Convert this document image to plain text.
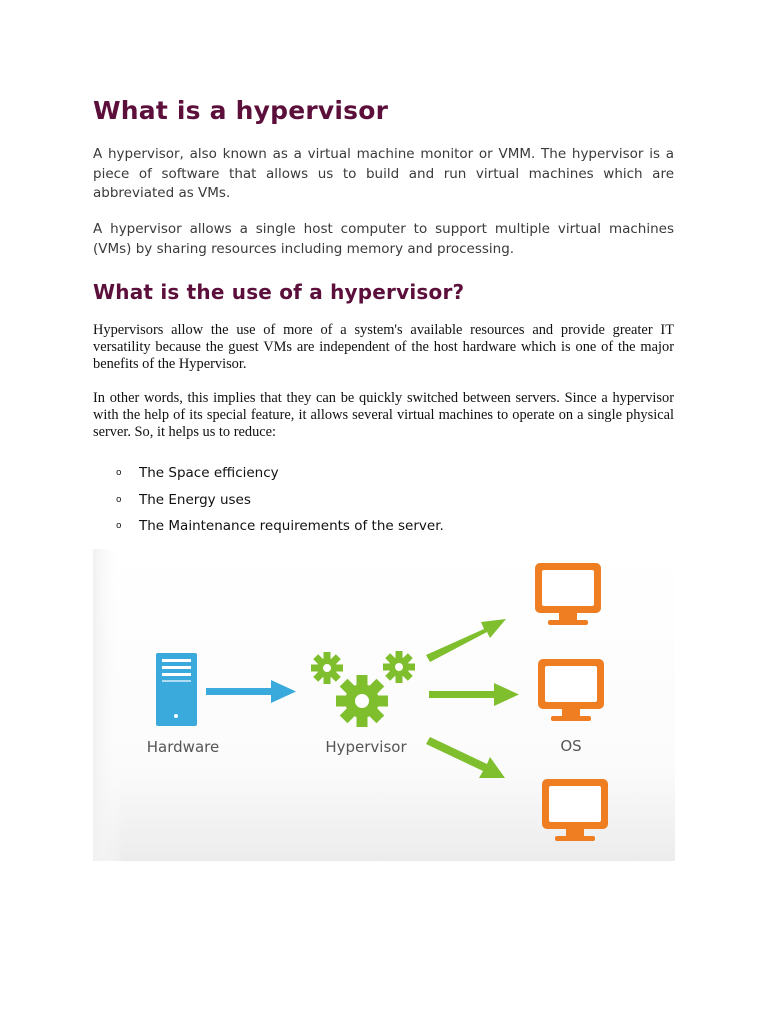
What is a hypervisor

A hypervisor, also known as a virtual machine monitor or VMM. The hypervisor is a piece of software that allows us to build and run virtual machines which are abbreviated as VMs.

A hypervisor allows a single host computer to support multiple virtual machines (VMs) by sharing resources including memory and processing.

What is the use of a hypervisor?

Hypervisors allow the use of more of a system's available resources and provide greater IT versatility because the guest VMs are independent of the host hardware which is one of the major benefits of the Hypervisor.

In other words, this implies that they can be quickly switched between servers. Since a hypervisor with the help of its special feature, it allows several virtual machines to operate on a single physical server. So, it helps us to reduce:

o The Space efficiency
o The Energy uses
o The Maintenance requirements of the server.
Hardware	Hypervisor	OS
